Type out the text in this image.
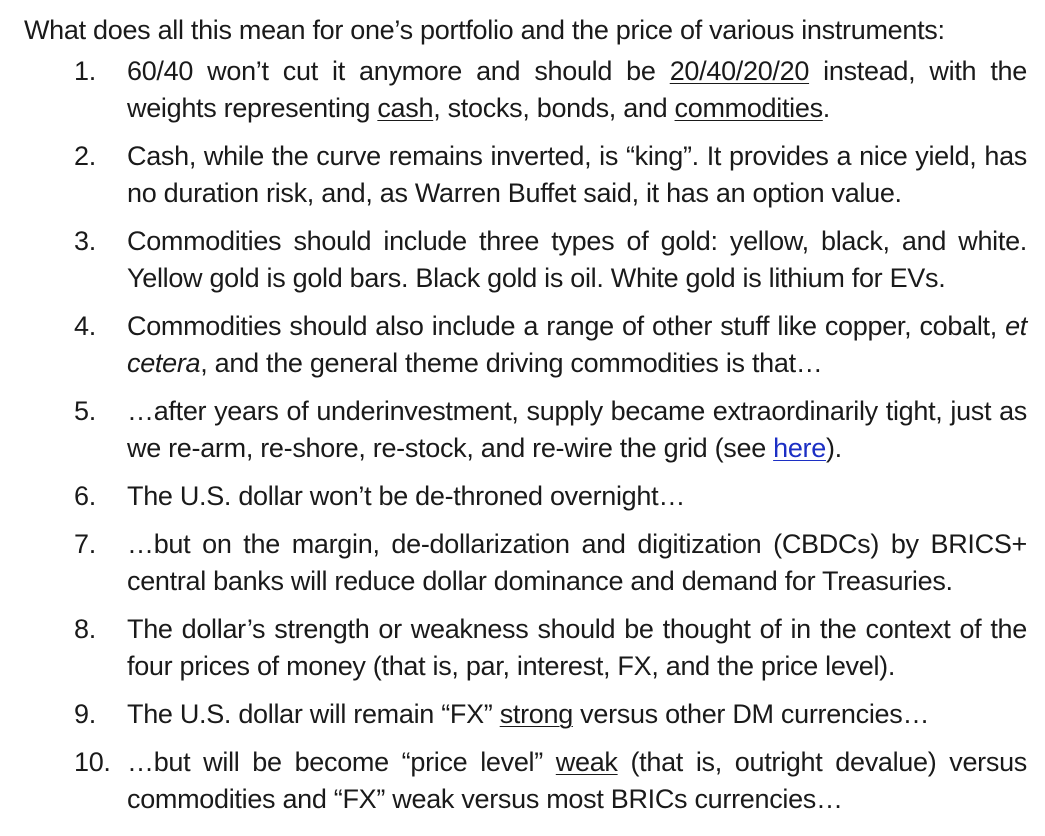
What does all this mean for one’s portfolio and the price of various instruments:
1. 60/40 won’t cut it anymore and should be 20/40/20/20 instead, with the weights representing cash, stocks, bonds, and commodities.
2. Cash, while the curve remains inverted, is “king”. It provides a nice yield, has no duration risk, and, as Warren Buffet said, it has an option value.
3. Commodities should include three types of gold: yellow, black, and white. Yellow gold is gold bars. Black gold is oil. White gold is lithium for EVs.
4. Commodities should also include a range of other stuff like copper, cobalt, et cetera, and the general theme driving commodities is that…
5. …after years of underinvestment, supply became extraordinarily tight, just as we re-arm, re-shore, re-stock, and re-wire the grid (see here).
6. The U.S. dollar won’t be de-throned overnight…
7. …but on the margin, de-dollarization and digitization (CBDCs) by BRICS+ central banks will reduce dollar dominance and demand for Treasuries.
8. The dollar’s strength or weakness should be thought of in the context of the four prices of money (that is, par, interest, FX, and the price level).
9. The U.S. dollar will remain “FX” strong versus other DM currencies…
10. …but will be become “price level” weak (that is, outright devalue) versus commodities and “FX” weak versus most BRICs currencies…
